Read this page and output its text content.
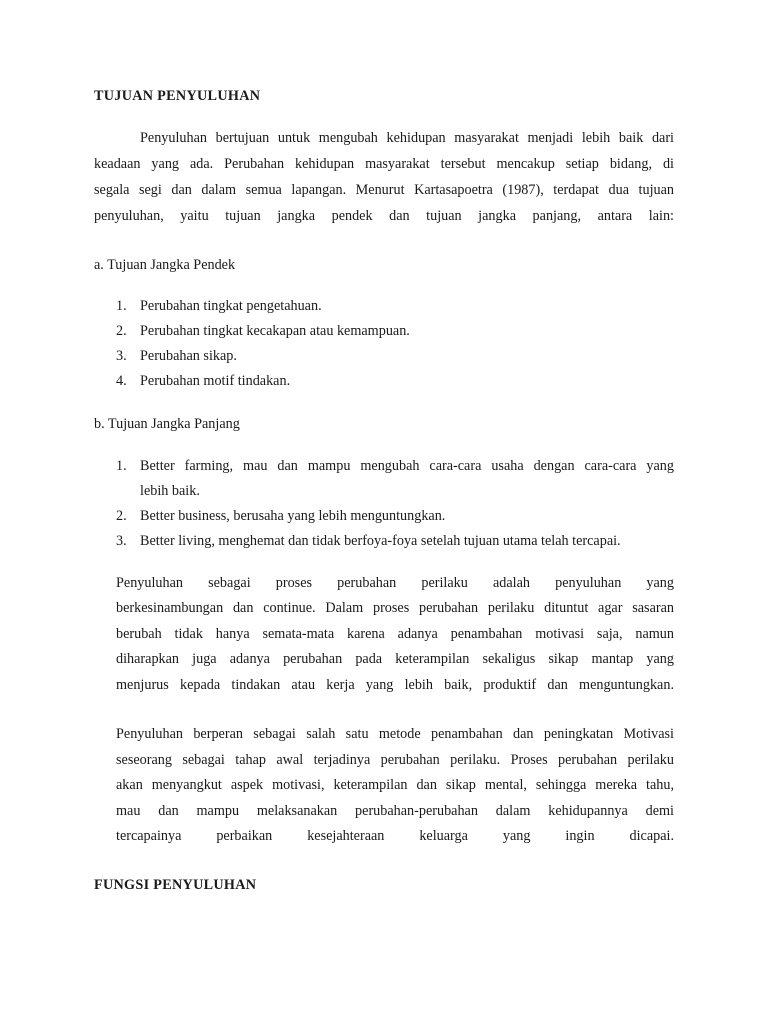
TUJUAN PENYULUHAN

Penyuluhan bertujuan untuk mengubah kehidupan masyarakat menjadi lebih baik dari

keadaan yang ada. Perubahan kehidupan masyarakat tersebut mencakup setiap bidang, di

segala segi dan dalam semua lapangan. Menurut Kartasapoetra (1987), terdapat dua tujuan

penyuluhan, yaitu tujuan jangka pendek dan tujuan jangka panjang, antara lain:

a. Tujuan Jangka Pendek

1. Perubahan tingkat pengetahuan.

2. Perubahan tingkat kecakapan atau kemampuan.

3. Perubahan sikap.

4. Perubahan motif tindakan.

b. Tujuan Jangka Panjang

1. Better farming, mau dan mampu mengubah cara-cara usaha dengan cara-cara yang

lebih baik.

2. Better business, berusaha yang lebih menguntungkan.

3. Better living, menghemat dan tidak berfoya-foya setelah tujuan utama telah tercapai.

Penyuluhan sebagai proses perubahan perilaku adalah penyuluhan yang

berkesinambungan dan continue. Dalam proses perubahan perilaku dituntut agar sasaran

berubah tidak hanya semata-mata karena adanya penambahan motivasi saja, namun

diharapkan juga adanya perubahan pada keterampilan sekaligus sikap mantap yang

menjurus kepada tindakan atau kerja yang lebih baik, produktif dan menguntungkan.

Penyuluhan berperan sebagai salah satu metode penambahan dan peningkatan Motivasi

seseorang sebagai tahap awal terjadinya perubahan perilaku. Proses perubahan perilaku

akan menyangkut aspek motivasi, keterampilan dan sikap mental, sehingga mereka tahu,

mau dan mampu melaksanakan perubahan-perubahan dalam kehidupannya demi

tercapainya perbaikan kesejahteraan keluarga yang ingin dicapai.

FUNGSI PENYULUHAN
